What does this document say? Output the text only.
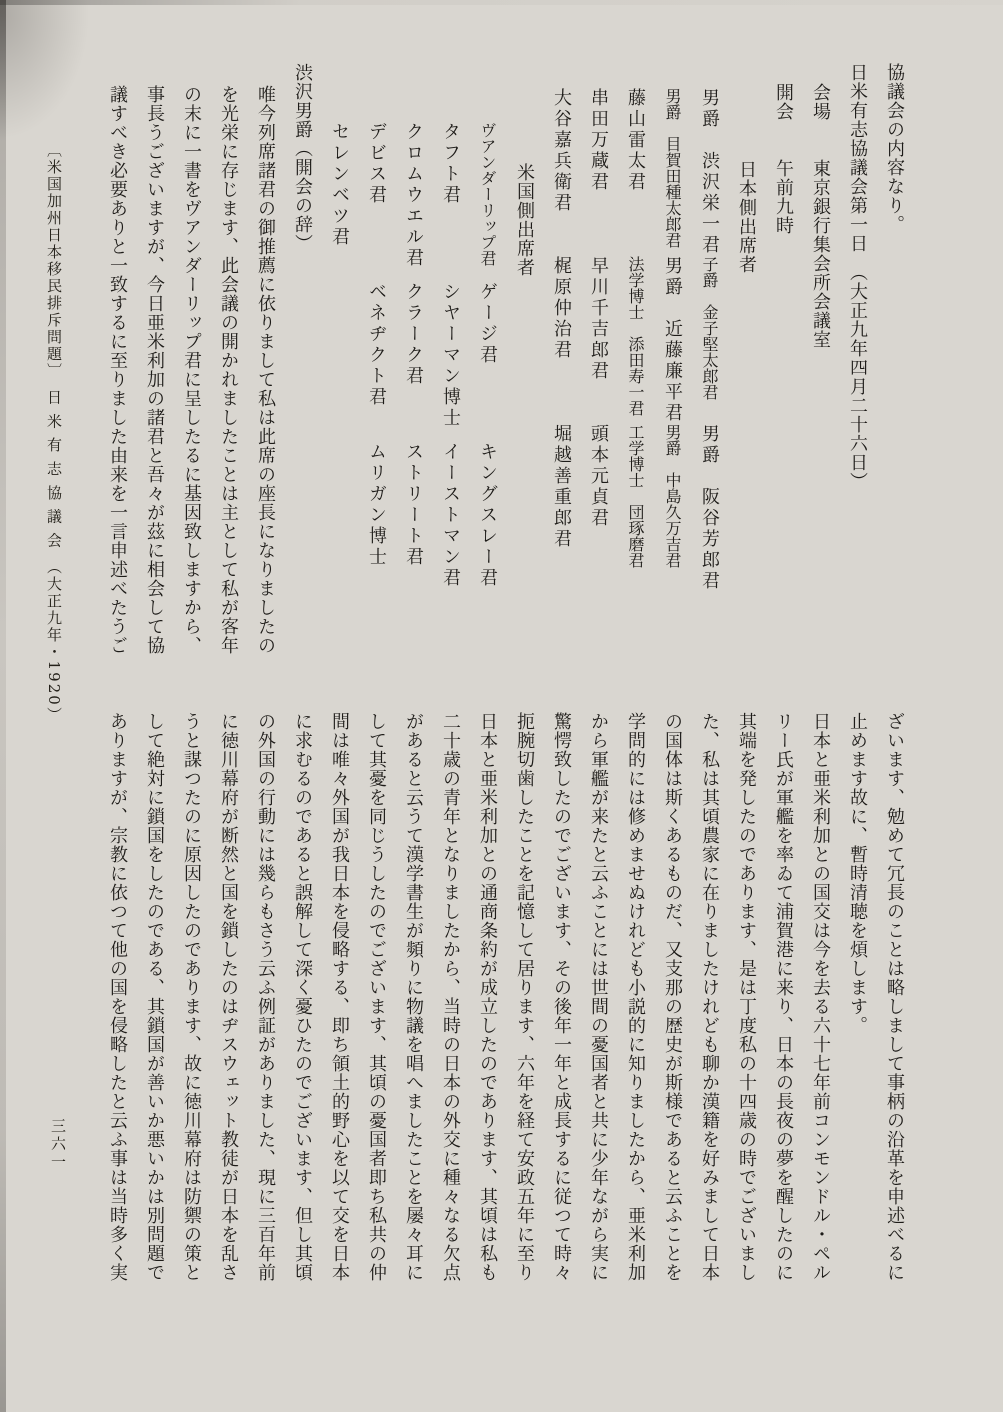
協議会の内容なり。
日米有志協議会第一日　（大正九年四月二十六日）
会場　　東京銀行集会所会議室
開会　　午前九時
日本側出席者
男爵　渋沢栄一君子爵　金子堅太郎君男爵　阪谷芳郎君
男爵　目賀田種太郎君男爵　近藤廉平君男爵　中島久万吉君
藤山雷太君法学博士　添田寿一君工学博士　団琢磨君
串田万蔵君早川千吉郎君頭本元貞君
大谷嘉兵衛君梶原仲治君堀越善重郎君
米国側出席者
ヴアンダーリップ君ゲージ君キングスレー君
タフト君シヤーマン博士イーストマン君
クロムウエル君クラーク君ストリート君
デビス君ベネヂクト君ムリガン博士
セレンベツ君
渋沢男爵（開会の辞）
唯今列席諸君の御推薦に依りまして私は此席の座長になりましたの
を光栄に存じます、此会議の開かれましたことは主として私が客年
の末に一書をヴアンダーリップ君に呈したるに基因致しますから、
事長うございますが、今日亜米利加の諸君と吾々が茲に相会して協
議すべき必要ありと一致するに至りました由来を一言申述べたうご
ざいます、勉めて冗長のことは略しまして事柄の沿革を申述べるに
止めます故に、暫時清聴を煩します。
日本と亜米利加との国交は今を去る六十七年前コンモンドル・ペル
リー氏が軍艦を率ゐて浦賀港に来り、日本の長夜の夢を醒したのに
其端を発したのであります、是は丁度私の十四歳の時でございまし
た、私は其頃農家に在りましたけれども聊か漢籍を好みまして日本
の国体は斯くあるものだ、又支那の歴史が斯様であると云ふことを
学問的には修めませぬけれども小説的に知りましたから、亜米利加
から軍艦が来たと云ふことには世間の憂国者と共に少年ながら実に
驚愕致したのでございます、その後年一年と成長するに従つて時々
扼腕切歯したことを記憶して居ります、六年を経て安政五年に至り
日本と亜米利加との通商条約が成立したのであります、其頃は私も
二十歳の青年となりましたから、当時の日本の外交に種々なる欠点
があると云うて漢学書生が頻りに物議を唱へましたことを屡々耳に
して其憂を同じうしたのでございます、其頃の憂国者即ち私共の仲
間は唯々外国が我日本を侵略する、即ち領土的野心を以て交を日本
に求むるのであると誤解して深く憂ひたのでございます、但し其頃
の外国の行動には幾らもさう云ふ例証がありました、現に三百年前
に徳川幕府が断然と国を鎖したのはヂスウェット教徒が日本を乱さ
うと謀つたのに原因したのであります、故に徳川幕府は防禦の策と
して絶対に鎖国をしたのである、其鎖国が善いか悪いかは別問題で
ありますが、宗教に依つて他の国を侵略したと云ふ事は当時多く実
〔米国加州日本移民排斥問題〕　日 米 有 志 協 議 会　（大正九年・1920）
三六一
